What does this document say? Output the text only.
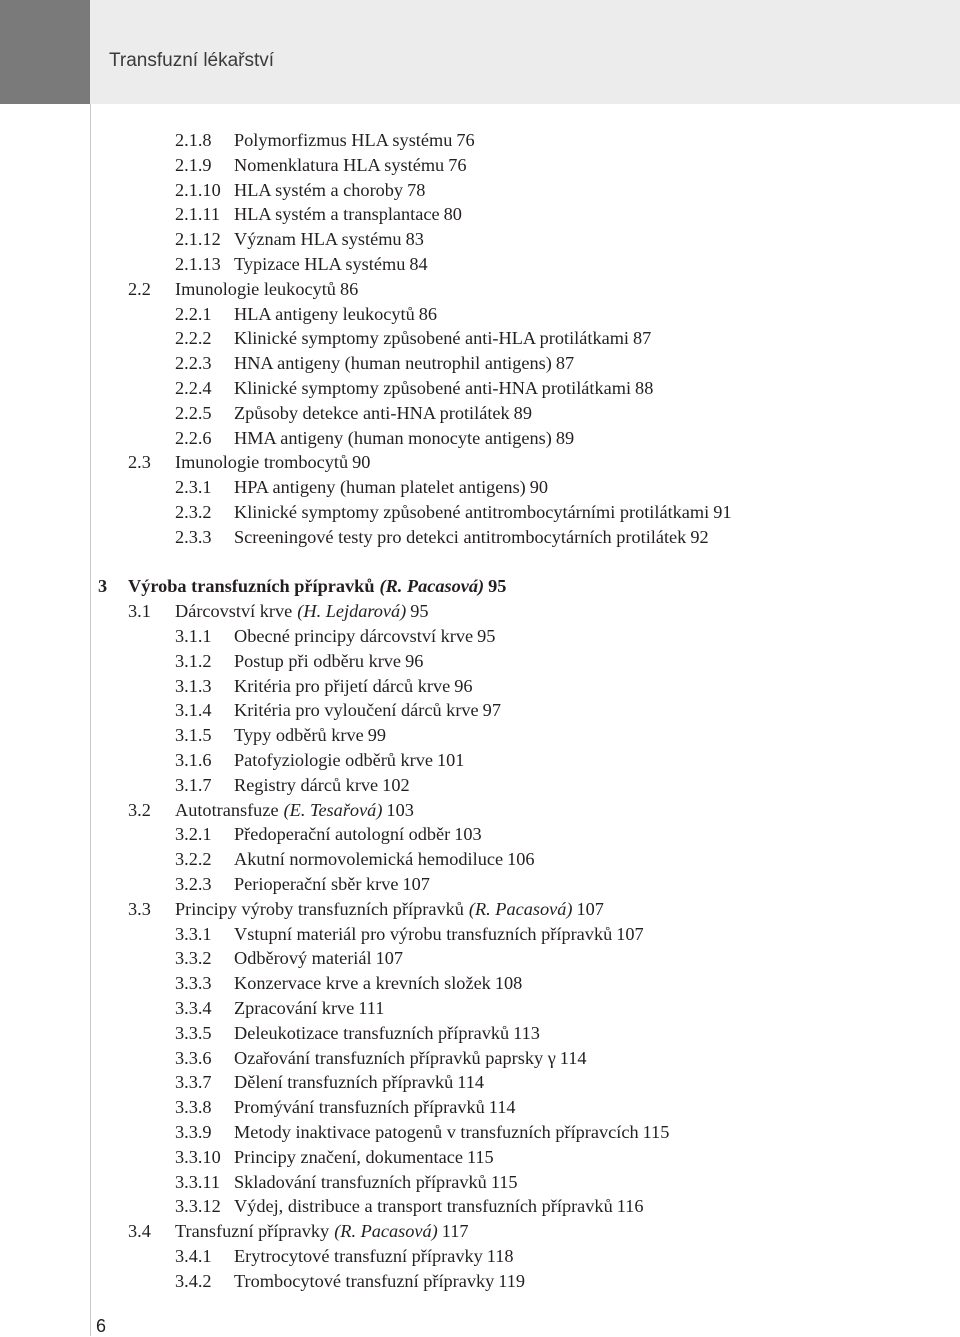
Transfuzní lékařství
2.1.8 Polymorfizmus HLA systému 76
2.1.9 Nomenklatura HLA systému 76
2.1.10 HLA systém a choroby 78
2.1.11 HLA systém a transplantace 80
2.1.12 Význam HLA systému 83
2.1.13 Typizace HLA systému 84
2.2 Imunologie leukocytů 86
2.2.1 HLA antigeny leukocytů 86
2.2.2 Klinické symptomy způsobené anti-HLA protilátkami 87
2.2.3 HNA antigeny (human neutrophil antigens) 87
2.2.4 Klinické symptomy způsobené anti-HNA protilátkami 88
2.2.5 Způsoby detekce anti-HNA protilátek 89
2.2.6 HMA antigeny (human monocyte antigens) 89
2.3 Imunologie trombocytů 90
2.3.1 HPA antigeny (human platelet antigens) 90
2.3.2 Klinické symptomy způsobené antitrombocytárními protilátkami 91
2.3.3 Screeningové testy pro detekci antitrombocytárních protilátek 92
3 Výroba transfuzních přípravků (R. Pacasová) 95
3.1 Dárcovství krve (H. Lejdarová) 95
3.1.1 Obecné principy dárcovství krve 95
3.1.2 Postup při odběru krve 96
3.1.3 Kritéria pro přijetí dárců krve 96
3.1.4 Kritéria pro vyloučení dárců krve 97
3.1.5 Typy odběrů krve 99
3.1.6 Patofyziologie odběrů krve 101
3.1.7 Registry dárců krve 102
3.2 Autotransfuze (E. Tesařová) 103
3.2.1 Předoperační autologní odběr 103
3.2.2 Akutní normovolemická hemodiluce 106
3.2.3 Perioperační sběr krve 107
3.3 Principy výroby transfuzních přípravků (R. Pacasová) 107
3.3.1 Vstupní materiál pro výrobu transfuzních přípravků 107
3.3.2 Odběrový materiál 107
3.3.3 Konzervace krve a krevních složek 108
3.3.4 Zpracování krve 111
3.3.5 Deleukotizace transfuzních přípravků 113
3.3.6 Ozařování transfuzních přípravků paprsky γ 114
3.3.7 Dělení transfuzních přípravků 114
3.3.8 Promývání transfuzních přípravků 114
3.3.9 Metody inaktivace patogenů v transfuzních přípravcích 115
3.3.10 Principy značení, dokumentace 115
3.3.11 Skladování transfuzních přípravků 115
3.3.12 Výdej, distribuce a transport transfuzních přípravků 116
3.4 Transfuzní přípravky (R. Pacasová) 117
3.4.1 Erytrocytové transfuzní přípravky 118
3.4.2 Trombocytové transfuzní přípravky 119
6
